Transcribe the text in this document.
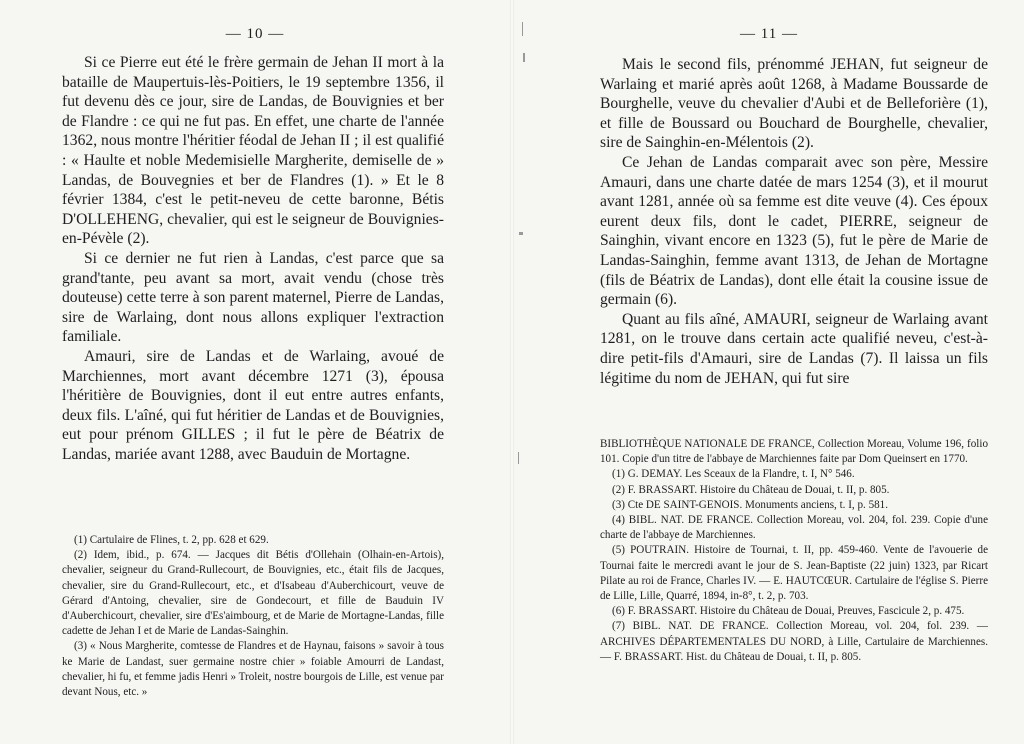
— 10 —

Si ce Pierre eut été le frère germain de Jehan II mort à la bataille de Maupertuis-lès-Poitiers, le 19 septembre 1356, il fut devenu dès ce jour, sire de Landas, de Bouvignies et ber de Flandre : ce qui ne fut pas. En effet, une charte de l'année 1362, nous montre l'héritier féodal de Jehan II ; il est qualifié : « Haulte et noble Medemisielle Margherite, demiselle de » Landas, de Bouvegnies et ber de Flandres (1). » Et le 8 février 1384, c'est le petit-neveu de cette baronne, Bétis D'OLLEHENG, chevalier, qui est le seigneur de Bouvignies-en-Pévèle (2).

Si ce dernier ne fut rien à Landas, c'est parce que sa grand'tante, peu avant sa mort, avait vendu (chose très douteuse) cette terre à son parent maternel, Pierre de Landas, sire de Warlaing, dont nous allons expliquer l'extraction familiale.

Amauri, sire de Landas et de Warlaing, avoué de Marchiennes, mort avant décembre 1271 (3), épousa l'héritière de Bouvignies, dont il eut entre autres enfants, deux fils. L'aîné, qui fut héritier de Landas et de Bouvignies, eut pour prénom GILLES ; il fut le père de Béatrix de Landas, mariée avant 1288, avec Bauduin de Mortagne.

(1) Cartulaire de Flines, t. 2, pp. 628 et 629.

(2) Idem, ibid., p. 674. — Jacques dit Bétis d'Ollehain (Olhain-en-Artois), chevalier, seigneur du Grand-Rullecourt, de Bouvignies, etc., était fils de Jacques, chevalier, sire du Grand-Rullecourt, etc., et d'Isabeau d'Auberchicourt, veuve de Gérard d'Antoing, chevalier, sire de Gondecourt, et fille de Bauduin IV d'Auberchicourt, chevalier, sire d'Es'aimbourg, et de Marie de Mortagne-Landas, fille cadette de Jehan I et de Marie de Landas-Sainghin.

(3) « Nous Margherite, comtesse de Flandres et de Haynau, faisons » savoir à tous ke Marie de Landast, suer germaine nostre chier » foiable Amourri de Landast, chevalier, hi fu, et femme jadis Henri » Troleit, nostre bourgois de Lille, est venue par devant Nous, etc. »

— 11 —

Mais le second fils, prénommé JEHAN, fut seigneur de Warlaing et marié après août 1268, à Madame Boussarde de Bourghelle, veuve du chevalier d'Aubi et de Belleforière (1), et fille de Boussard ou Bouchard de Bourghelle, chevalier, sire de Sainghin-en-Mélentois (2).

Ce Jehan de Landas comparait avec son père, Messire Amauri, dans une charte datée de mars 1254 (3), et il mourut avant 1281, année où sa femme est dite veuve (4). Ces époux eurent deux fils, dont le cadet, PIERRE, seigneur de Sainghin, vivant encore en 1323 (5), fut le père de Marie de Landas-Sainghin, femme avant 1313, de Jehan de Mortagne (fils de Béatrix de Landas), dont elle était la cousine issue de germain (6).

Quant au fils aîné, AMAURI, seigneur de Warlaing avant 1281, on le trouve dans certain acte qualifié neveu, c'est-à-dire petit-fils d'Amauri, sire de Landas (7). Il laissa un fils légitime du nom de JEHAN, qui fut sire

BIBLIOTHÈQUE NATIONALE DE FRANCE, Collection Moreau, Volume 196, folio 101. Copie d'un titre de l'abbaye de Marchiennes faite par Dom Queinsert en 1770.

(1) G. DEMAY. Les Sceaux de la Flandre, t. I, N° 546.

(2) F. BRASSART. Histoire du Château de Douai, t. II, p. 805.

(3) Cte DE SAINT-GENOIS. Monuments anciens, t. I, p. 581.

(4) BIBL. NAT. DE FRANCE. Collection Moreau, vol. 204, fol. 239. Copie d'une charte de l'abbaye de Marchiennes.

(5) POUTRAIN. Histoire de Tournai, t. II, pp. 459-460. Vente de l'avouerie de Tournai faite le mercredi avant le jour de S. Jean-Baptiste (22 juin) 1323, par Ricart Pilate au roi de France, Charles IV. — E. HAUTCŒUR. Cartulaire de l'église S. Pierre de Lille, Lille, Quarré, 1894, in-8°, t. 2, p. 703.

(6) F. BRASSART. Histoire du Château de Douai, Preuves, Fascicule 2, p. 475.

(7) BIBL. NAT. DE FRANCE. Collection Moreau, vol. 204, fol. 239. — ARCHIVES DÉPARTEMENTALES DU NORD, à Lille, Cartulaire de Marchiennes. — F. BRASSART. Hist. du Château de Douai, t. II, p. 805.
